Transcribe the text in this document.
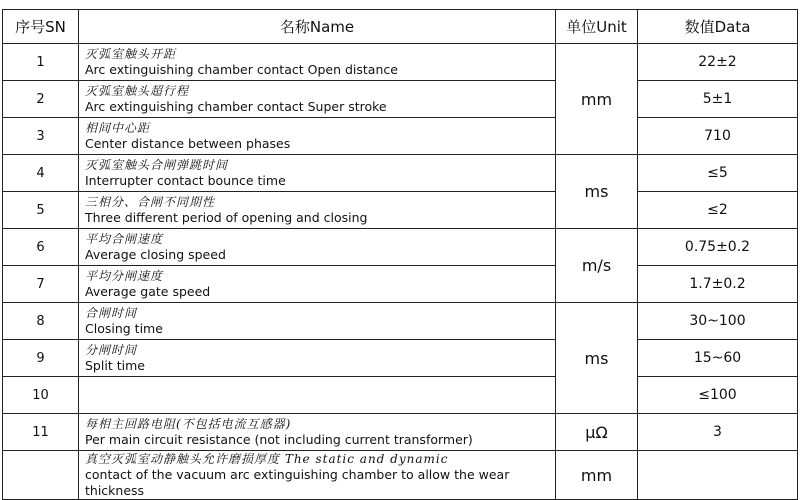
序号SN	名称Name	单位Unit	数值Data
1	灭弧室触头开距
Arc extinguishing chamber contact Open distance	mm	22±2
2	灭弧室触头超行程
Arc extinguishing chamber contact Super stroke		5±1
3	相间中心距
Center distance between phases		710
4	灭弧室触头合闸弹跳时间
Interrupter contact bounce time	ms	≤5
5	三相分、合闸不同期性
Three different period of opening and closing		≤2
6	平均合闸速度
Average closing speed	m/s	0.75±0.2
7	平均分闸速度
Average gate speed		1.7±0.2
8	合闸时间
Closing time	ms	30~100
9	分闸时间
Split time		15~60
10			≤100
11	每相主回路电阻(不包括电流互感器)
Per main circuit resistance (not including current transformer)	μΩ	3

	真空灭弧室动静触头允许磨损厚度 The static and dynamic
contact of the vacuum arc extinguishing chamber to allow the wear thickness	mm	
